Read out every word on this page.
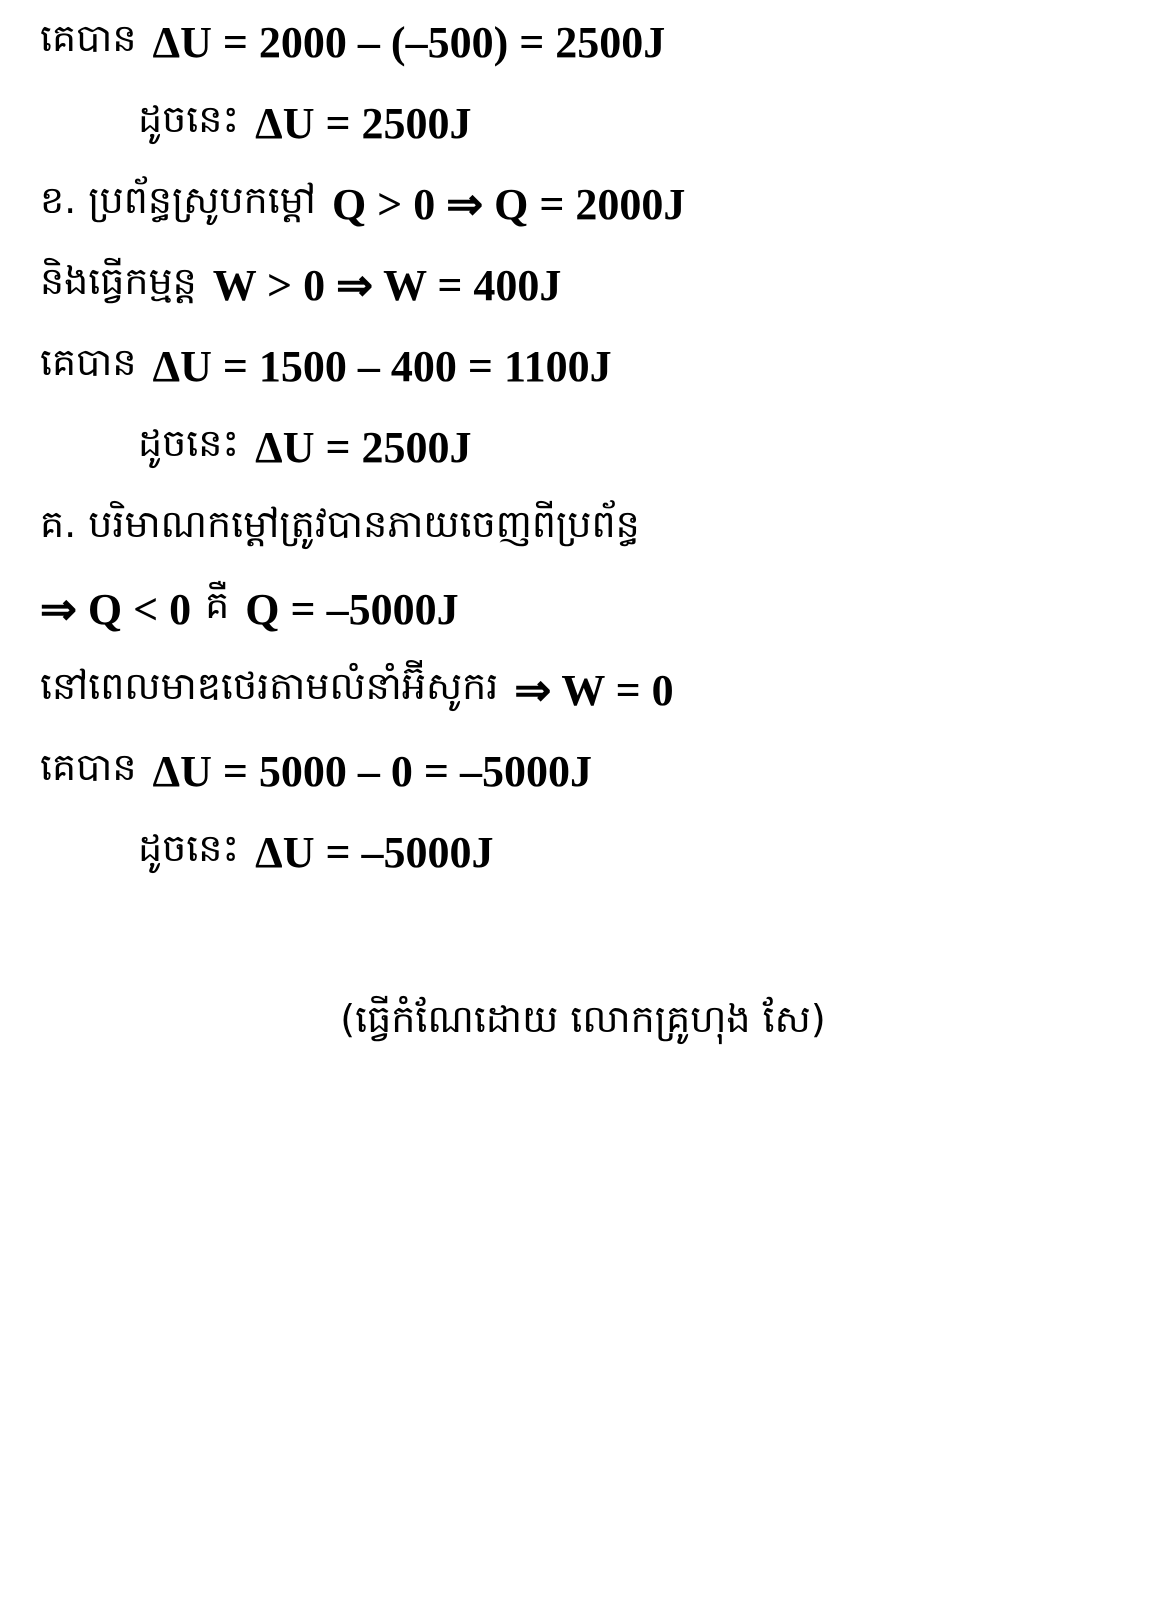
គេបាន ΔU = 2000 – (–500) = 2500J
ដូចនេះ ΔU = 2500J
ខ. ប្រព័ន្ធស្រូបកម្ដៅ Q > 0 ⇒ Q = 2000J
និងធ្វើកម្មន្ត W > 0 ⇒ W = 400J
គេបាន ΔU = 1500 – 400 = 1100J
ដូចនេះ ΔU = 2500J
គ. បរិមាណកម្ដៅត្រូវបានភាយចេញពីប្រព័ន្ធ
⇒ Q < 0 គឺ Q = –5000J
នៅពេលមាឌថេរតាមលំនាំអ៊ីសូករ ⇒ W = 0
គេបាន ΔU = 5000 – 0 = –5000J
ដូចនេះ ΔU = –5000J
(ធ្វើកំណែដោយ លោកគ្រូហុង សែ)
